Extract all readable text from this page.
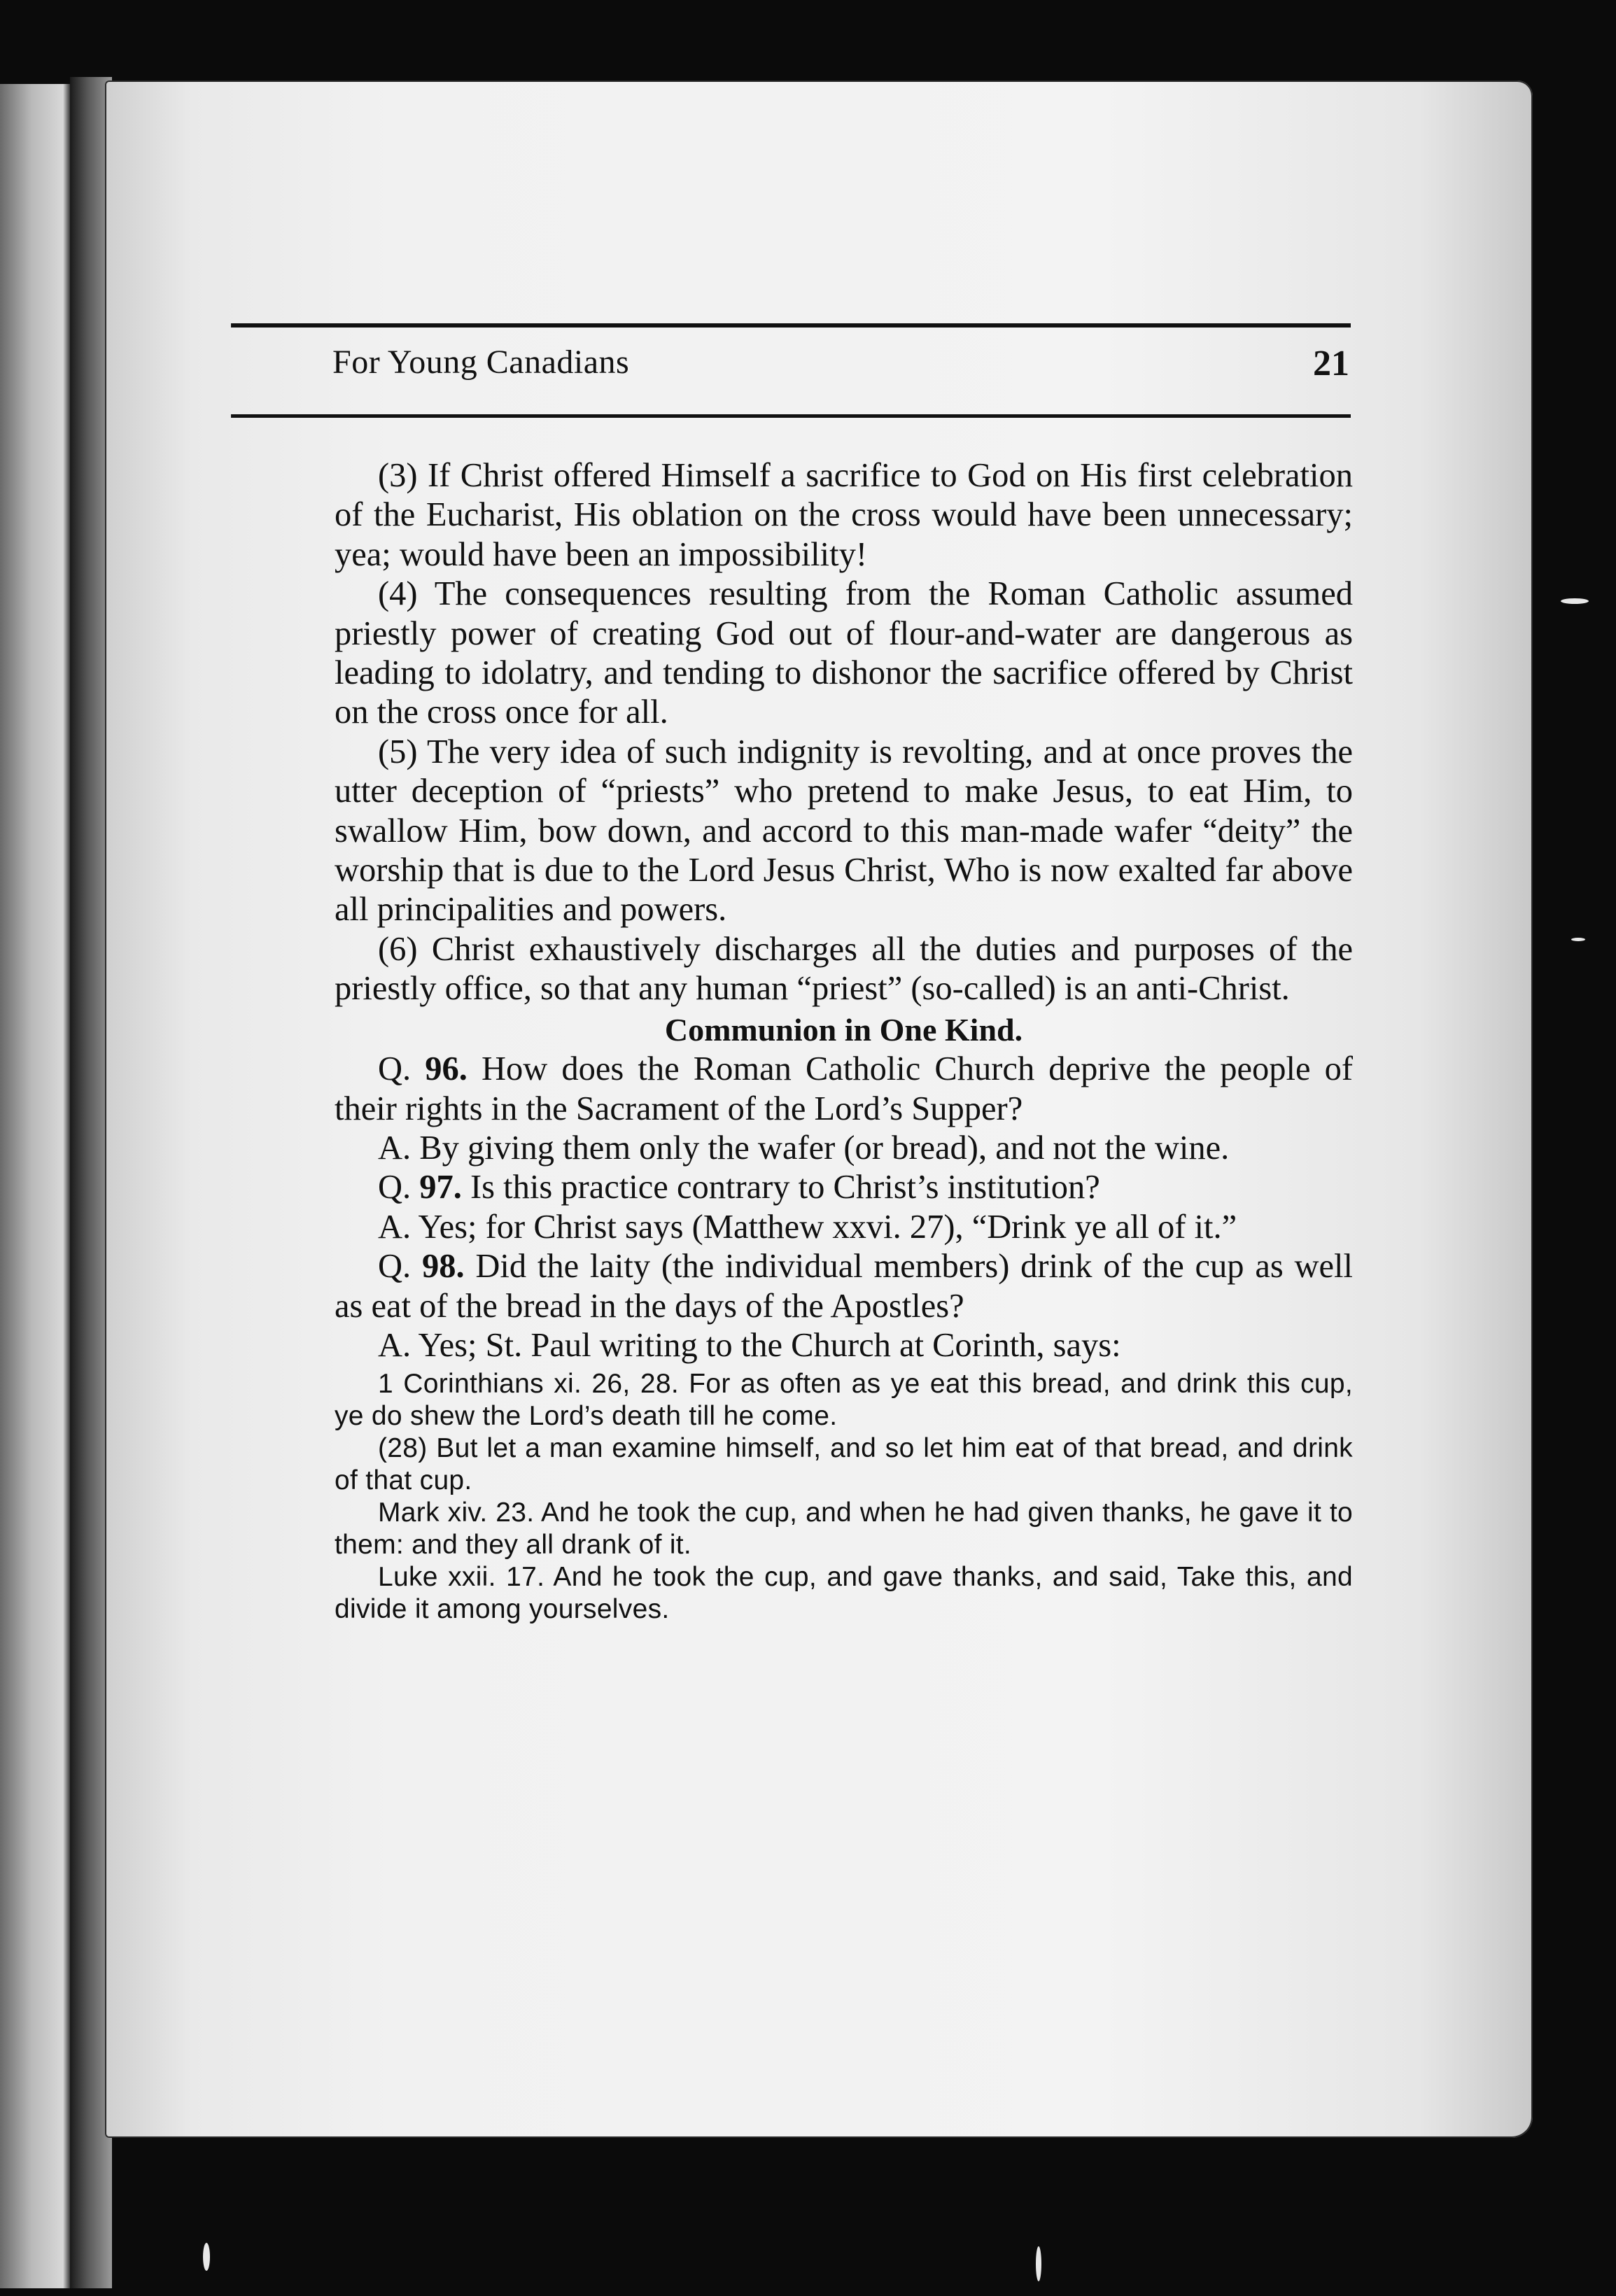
For Young Canadians	21

(3) If Christ offered Himself a sacrifice to God on His first celebration of the Eucharist, His oblation on the cross would have been unnecessary; yea; would have been an impossibility!

(4) The consequences resulting from the Roman Catholic assumed priestly power of creating God out of flour-and-water are dangerous as leading to idolatry, and tending to dishonor the sacrifice offered by Christ on the cross once for all.

(5) The very idea of such indignity is revolting, and at once proves the utter deception of “priests” who pretend to make Jesus, to eat Him, to swallow Him, bow down, and accord to this man-made wafer “deity” the worship that is due to the Lord Jesus Christ, Who is now exalted far above all principalities and powers.

(6) Christ exhaustively discharges all the duties and purposes of the priestly office, so that any human “priest” (so-called) is an anti-Christ.

Communion in One Kind.

Q. 96. How does the Roman Catholic Church deprive the people of their rights in the Sacrament of the Lord’s Supper?

A. By giving them only the wafer (or bread), and not the wine.

Q. 97. Is this practice contrary to Christ’s institution?

A. Yes; for Christ says (Matthew xxvi. 27), “Drink ye all of it.”

Q. 98. Did the laity (the individual members) drink of the cup as well as eat of the bread in the days of the Apostles?

A. Yes; St. Paul writing to the Church at Corinth, says:

1 Corinthians xi. 26, 28. For as often as ye eat this bread, and drink this cup, ye do shew the Lord’s death till he come.

(28) But let a man examine himself, and so let him eat of that bread, and drink of that cup.

Mark xiv. 23. And he took the cup, and when he had given thanks, he gave it to them: and they all drank of it.

Luke xxii. 17. And he took the cup, and gave thanks, and said, Take this, and divide it among yourselves.
